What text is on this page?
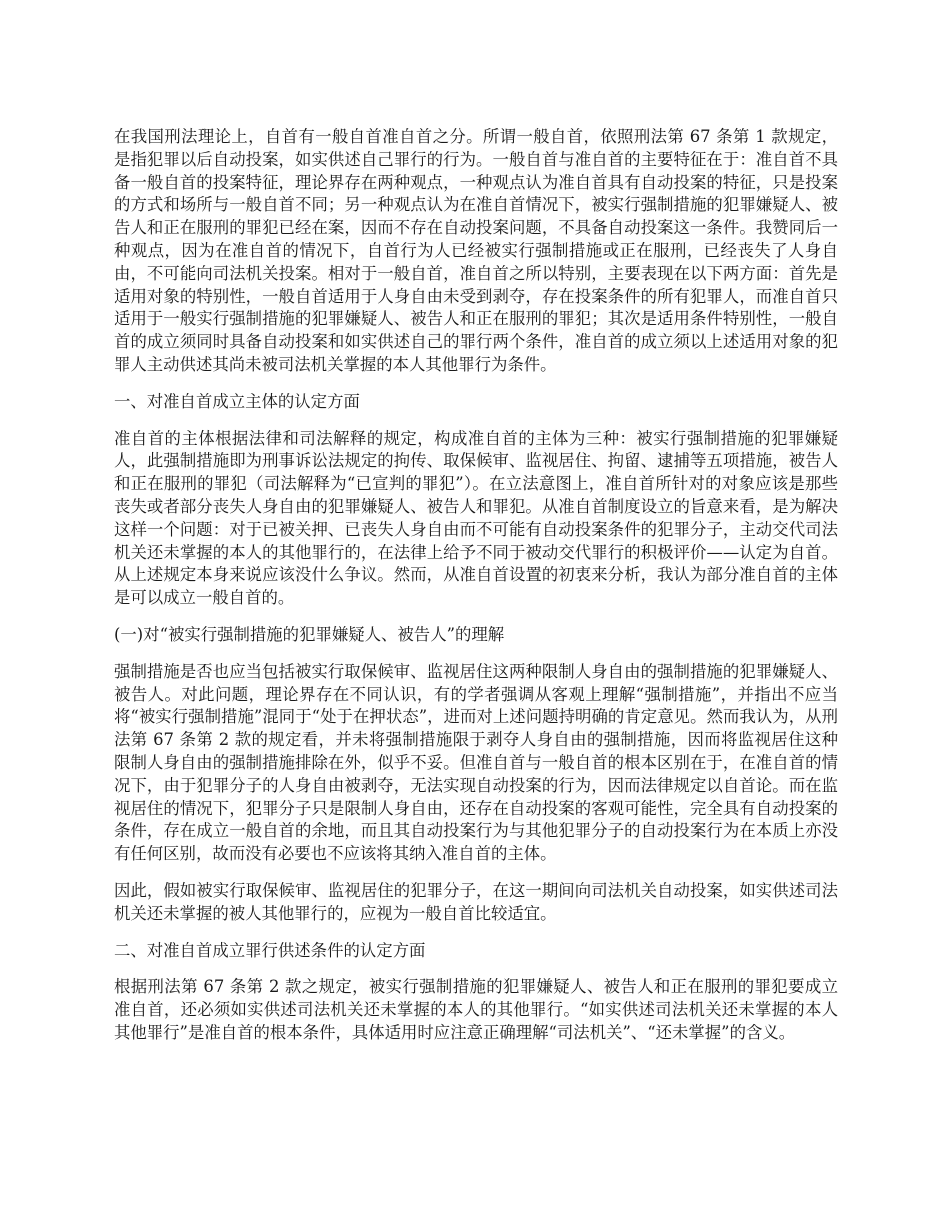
在我国刑法理论上，自首有一般自首准自首之分。所谓一般自首，依照刑法第 67 条第 1 款规定，是指犯罪以后自动投案，如实供述自己罪行的行为。一般自首与准自首的主要特征在于：准自首不具备一般自首的投案特征，理论界存在两种观点，一种观点认为准自首具有自动投案的特征，只是投案的方式和场所与一般自首不同；另一种观点认为在准自首情况下，被实行强制措施的犯罪嫌疑人、被告人和正在服刑的罪犯已经在案，因而不存在自动投案问题，不具备自动投案这一条件。我赞同后一种观点，因为在准自首的情况下，自首行为人已经被实行强制措施或正在服刑，已经丧失了人身自由，不可能向司法机关投案。相对于一般自首，准自首之所以特别，主要表现在以下两方面：首先是适用对象的特别性，一般自首适用于人身自由未受到剥夺，存在投案条件的所有犯罪人，而准自首只适用于一般实行强制措施的犯罪嫌疑人、被告人和正在服刑的罪犯；其次是适用条件特别性，一般自首的成立须同时具备自动投案和如实供述自己的罪行两个条件，准自首的成立须以上述适用对象的犯罪人主动供述其尚未被司法机关掌握的本人其他罪行为条件。

一、对准自首成立主体的认定方面

准自首的主体根据法律和司法解释的规定，构成准自首的主体为三种：被实行强制措施的犯罪嫌疑人，此强制措施即为刑事诉讼法规定的拘传、取保候审、监视居住、拘留、逮捕等五项措施，被告人和正在服刑的罪犯（司法解释为“已宣判的罪犯”）。在立法意图上，准自首所针对的对象应该是那些丧失或者部分丧失人身自由的犯罪嫌疑人、被告人和罪犯。从准自首制度设立的旨意来看，是为解决这样一个问题：对于已被关押、已丧失人身自由而不可能有自动投案条件的犯罪分子，主动交代司法机关还未掌握的本人的其他罪行的，在法律上给予不同于被动交代罪行的积极评价——认定为自首。从上述规定本身来说应该没什么争议。然而，从准自首设置的初衷来分析，我认为部分准自首的主体是可以成立一般自首的。

(一)对“被实行强制措施的犯罪嫌疑人、被告人”的理解

强制措施是否也应当包括被实行取保候审、监视居住这两种限制人身自由的强制措施的犯罪嫌疑人、被告人。对此问题，理论界存在不同认识，有的学者强调从客观上理解“强制措施”，并指出不应当将“被实行强制措施”混同于“处于在押状态”，进而对上述问题持明确的肯定意见。然而我认为，从刑法第 67 条第 2 款的规定看，并未将强制措施限于剥夺人身自由的强制措施，因而将监视居住这种限制人身自由的强制措施排除在外，似乎不妥。但准自首与一般自首的根本区别在于，在准自首的情况下，由于犯罪分子的人身自由被剥夺，无法实现自动投案的行为，因而法律规定以自首论。而在监视居住的情况下，犯罪分子只是限制人身自由，还存在自动投案的客观可能性，完全具有自动投案的条件，存在成立一般自首的余地，而且其自动投案行为与其他犯罪分子的自动投案行为在本质上亦没有任何区别，故而没有必要也不应该将其纳入准自首的主体。

因此，假如被实行取保候审、监视居住的犯罪分子，在这一期间向司法机关自动投案，如实供述司法机关还未掌握的被人其他罪行的，应视为一般自首比较适宜。

二、对准自首成立罪行供述条件的认定方面

根据刑法第 67 条第 2 款之规定，被实行强制措施的犯罪嫌疑人、被告人和正在服刑的罪犯要成立准自首，还必须如实供述司法机关还未掌握的本人的其他罪行。“如实供述司法机关还未掌握的本人其他罪行”是准自首的根本条件，具体适用时应注意正确理解“司法机关”、“还未掌握”的含义。
